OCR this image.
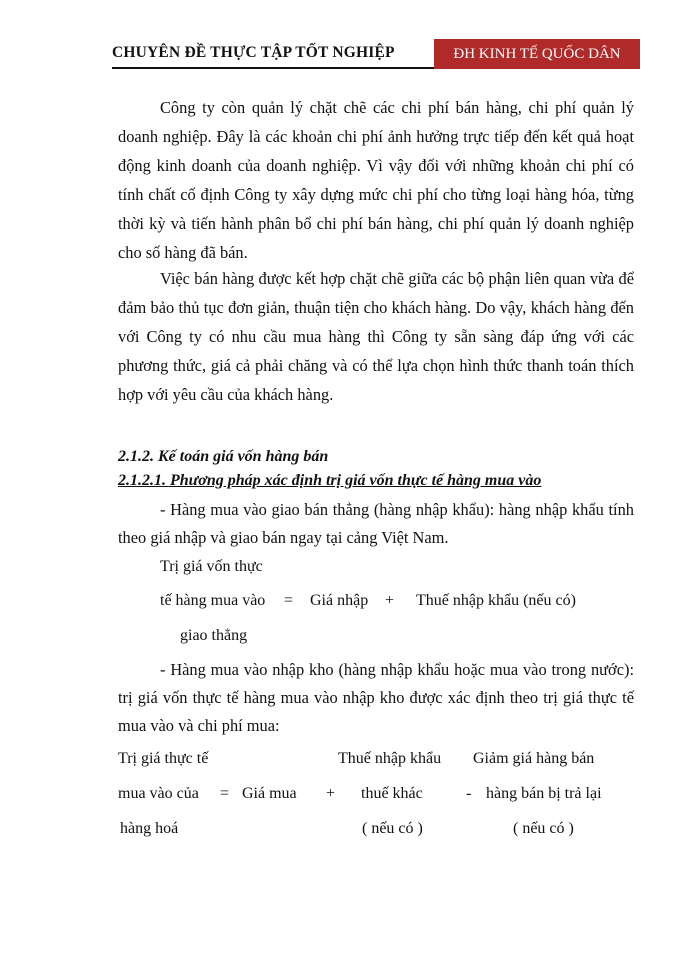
CHUYÊN ĐỀ THỰC TẬP TỐT NGHIỆP	ĐH KINH TẾ QUỐC DÂN

Công ty còn quản lý chặt chẽ các chi phí bán hàng, chi phí quản lý doanh nghiệp. Đây là các khoản chi phí ảnh hưởng trực tiếp đến kết quả hoạt động kinh doanh của doanh nghiệp. Vì vậy đối với những khoản chi phí có tính chất cố định Công ty xây dựng mức chi phí cho từng loại hàng hóa, từng thời kỳ và tiến hành phân bổ chi phí bán hàng, chi phí quản lý doanh nghiệp cho số hàng đã bán.

Việc bán hàng được kết hợp chặt chẽ giữa các bộ phận liên quan vừa để đảm bảo thủ tục đơn giản, thuận tiện cho khách hàng. Do vậy, khách hàng đến với Công ty có nhu cầu mua hàng thì Công ty sẵn sàng đáp ứng với các phương thức, giá cả phải chăng và có thể lựa chọn hình thức thanh toán thích hợp với yêu cầu của khách hàng.

2.1.2. Kế toán giá vốn hàng bán
2.1.2.1. Phương pháp xác định trị giá vốn thực tế hàng mua vào

- Hàng mua vào giao bán thẳng (hàng nhập khẩu): hàng nhập khẩu tính theo giá nhập và giao bán ngay tại cảng Việt Nam.

Trị giá vốn thực
tế hàng mua vào = Giá nhập + Thuế nhập khẩu (nếu có)
giao thẳng

- Hàng mua vào nhập kho (hàng nhập khẩu hoặc mua vào trong nước): trị giá vốn thực tế hàng mua vào nhập kho được xác định theo trị giá thực tế mua vào và chi phí mua:

Trị giá thực tế	Thuế nhập khẩu Giảm giá hàng bán
mua vào của = Giá mua + thuế khác	- hàng bán bị trả lại
hàng hoá	( nếu có )	( nếu có )
